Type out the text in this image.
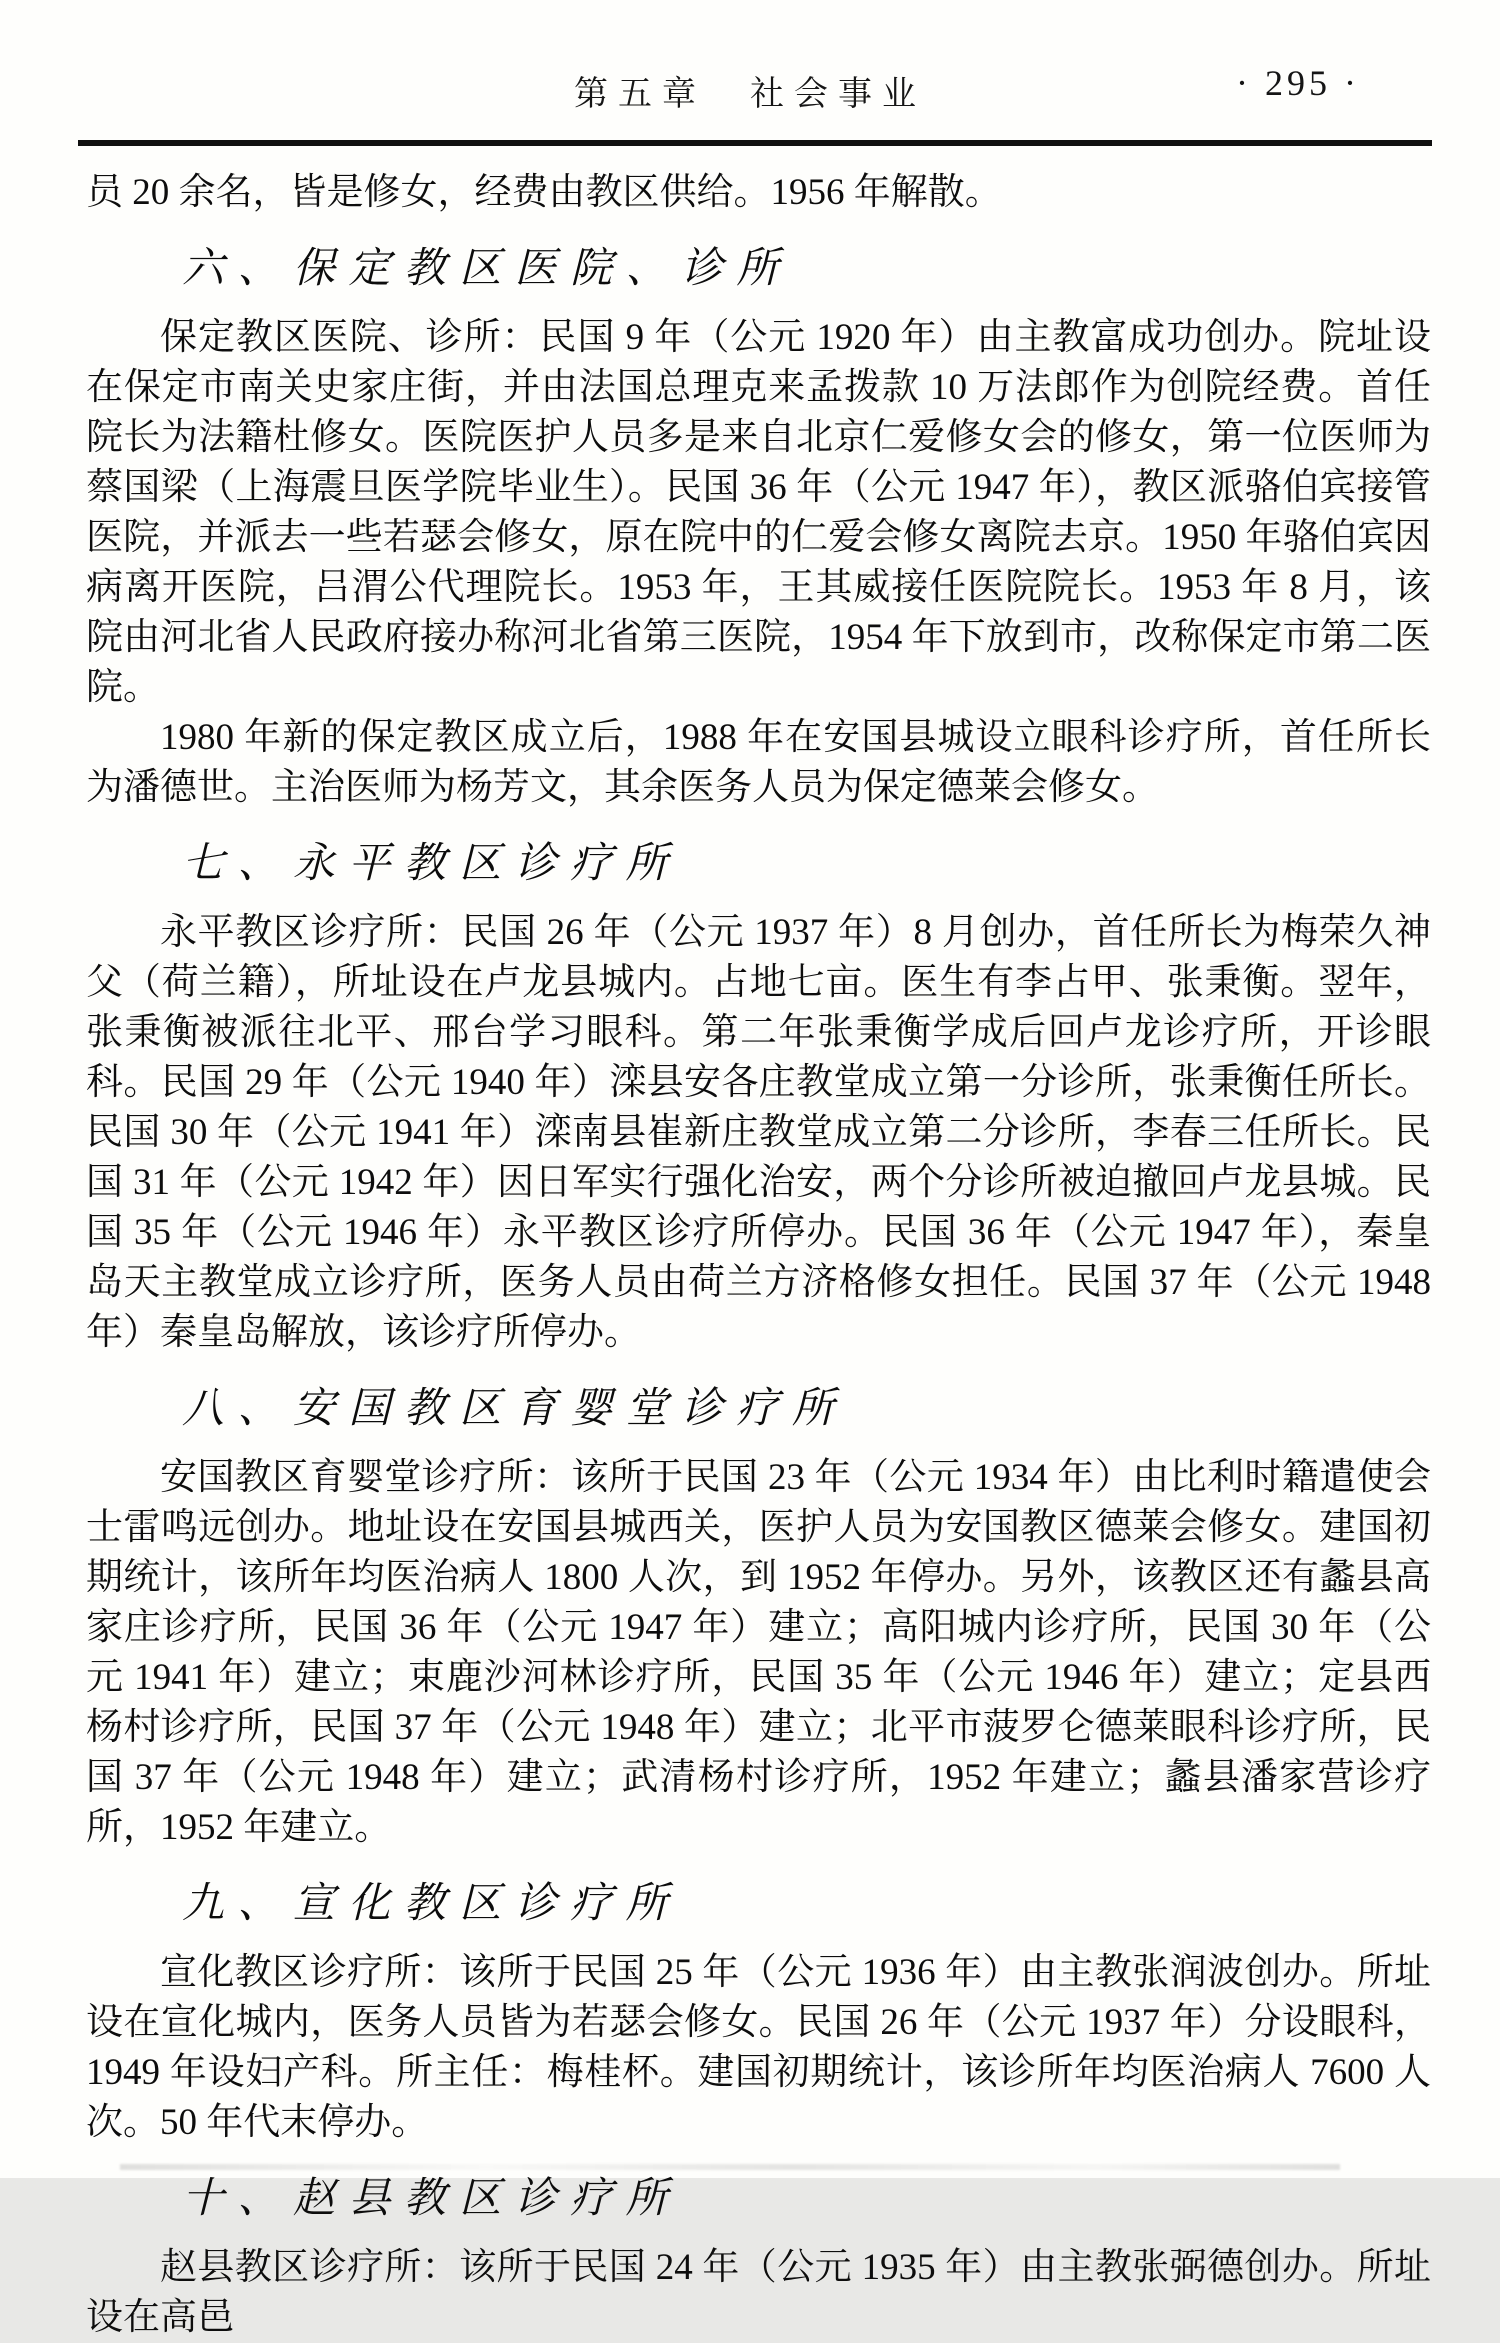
第五章　社会事业	· 295 ·

员 20 余名，皆是修女，经费由教区供给。1956 年解散。

六、保定教区医院、诊所

保定教区医院、诊所：民国 9 年（公元 1920 年）由主教富成功创办。院址设在保定市南关史家庄街，并由法国总理克来孟拨款 10 万法郎作为创院经费。首任院长为法籍杜修女。医院医护人员多是来自北京仁爱修女会的修女，第一位医师为蔡国梁（上海震旦医学院毕业生）。民国 36 年（公元 1947 年），教区派骆伯宾接管医院，并派去一些若瑟会修女，原在院中的仁爱会修女离院去京。1950 年骆伯宾因病离开医院，吕渭公代理院长。1953 年，王其威接任医院院长。1953 年 8 月，该院由河北省人民政府接办称河北省第三医院，1954 年下放到市，改称保定市第二医院。

1980 年新的保定教区成立后，1988 年在安国县城设立眼科诊疗所，首任所长为潘德世。主治医师为杨芳文，其余医务人员为保定德莱会修女。

七、永平教区诊疗所

永平教区诊疗所：民国 26 年（公元 1937 年）8 月创办，首任所长为梅荣久神父（荷兰籍），所址设在卢龙县城内。占地七亩。医生有李占甲、张秉衡。翌年，张秉衡被派往北平、邢台学习眼科。第二年张秉衡学成后回卢龙诊疗所，开诊眼科。民国 29 年（公元 1940 年）滦县安各庄教堂成立第一分诊所，张秉衡任所长。民国 30 年（公元 1941 年）滦南县崔新庄教堂成立第二分诊所，李春三任所长。民国 31 年（公元 1942 年）因日军实行强化治安，两个分诊所被迫撤回卢龙县城。民国 35 年（公元 1946 年）永平教区诊疗所停办。民国 36 年（公元 1947 年），秦皇岛天主教堂成立诊疗所，医务人员由荷兰方济格修女担任。民国 37 年（公元 1948 年）秦皇岛解放，该诊疗所停办。

八、安国教区育婴堂诊疗所

安国教区育婴堂诊疗所：该所于民国 23 年（公元 1934 年）由比利时籍遣使会士雷鸣远创办。地址设在安国县城西关，医护人员为安国教区德莱会修女。建国初期统计，该所年均医治病人 1800 人次，到 1952 年停办。另外，该教区还有蠡县高家庄诊疗所，民国 36 年（公元 1947 年）建立；高阳城内诊疗所，民国 30 年（公元 1941 年）建立；束鹿沙河林诊疗所，民国 35 年（公元 1946 年）建立；定县西杨村诊疗所，民国 37 年（公元 1948 年）建立；北平市菠罗仑德莱眼科诊疗所，民国 37 年（公元 1948 年）建立；武清杨村诊疗所，1952 年建立；蠡县潘家营诊疗所，1952 年建立。

九、宣化教区诊疗所

宣化教区诊疗所：该所于民国 25 年（公元 1936 年）由主教张润波创办。所址设在宣化城内，医务人员皆为若瑟会修女。民国 26 年（公元 1937 年）分设眼科，1949 年设妇产科。所主任：梅桂杯。建国初期统计，该诊所年均医治病人 7600 人次。50 年代末停办。

十、赵县教区诊疗所

赵县教区诊疗所：该所于民国 24 年（公元 1935 年）由主教张弼德创办。所址设在高邑
